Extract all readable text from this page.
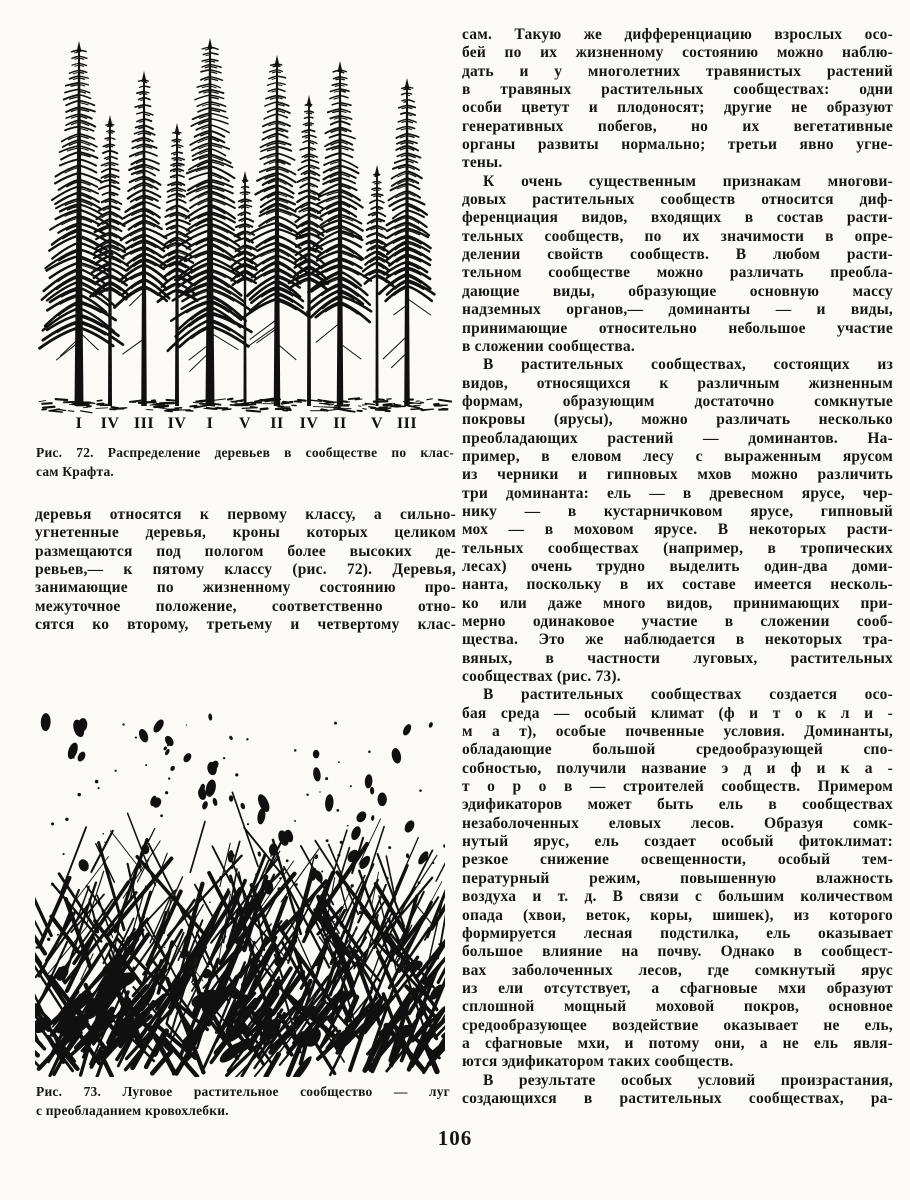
I IV III IV I V II IV II V III
Рис. 72. Распределение деревьев в сообществе по клас-
сам Крафта.
деревья относятся к первому классу, а сильно-
угнетенные деревья, кроны которых целиком
размещаются под пологом более высоких де-
ревьев,— к пятому классу (рис. 72). Деревья,
занимающие по жизненному состоянию про-
межуточное положение, соответственно отно-
сятся ко второму, третьему и четвертому клас-
Рис. 73. Луговое растительное сообщество — луг
с преобладанием кровохлебки.
сам. Такую же дифференциацию взрослых осо-
бей по их жизненному состоянию можно наблю-
дать и у многолетних травянистых растений
в травяных растительных сообществах: одни
особи цветут и плодоносят; другие не образуют
генеративных побегов, но их вегетативные
органы развиты нормально; третьи явно угне-
тены.
К очень существенным признакам многови-
довых растительных сообществ относится диф-
ференциация видов, входящих в состав расти-
тельных сообществ, по их значимости в опре-
делении свойств сообществ. В любом расти-
тельном сообществе можно различать преобла-
дающие виды, образующие основную массу
надземных органов,— доминанты — и виды,
принимающие относительно небольшое участие
в сложении сообщества.
В растительных сообществах, состоящих из
видов, относящихся к различным жизненным
формам, образующим достаточно сомкнутые
покровы (ярусы), можно различать несколько
преобладающих растений — доминантов. На-
пример, в еловом лесу с выраженным ярусом
из черники и гипновых мхов можно различить
три доминанта: ель — в древесном ярусе, чер-
нику — в кустарничковом ярусе, гипновый
мох — в моховом ярусе. В некоторых расти-
тельных сообществах (например, в тропических
лесах) очень трудно выделить один-два доми-
нанта, поскольку в их составе имеется несколь-
ко или даже много видов, принимающих при-
мерно одинаковое участие в сложении сооб-
щества. Это же наблюдается в некоторых тра-
вяных, в частности луговых, растительных
сообществах (рис. 73).
В растительных сообществах создается осо-
бая среда — особый климат (ф и т о к л и -
м а т), особые почвенные условия. Доминанты,
обладающие большой средообразующей спо-
собностью, получили название э д и ф и к а -
т о р о в — строителей сообществ. Примером
эдификаторов может быть ель в сообществах
незаболоченных еловых лесов. Образуя сомк-
нутый ярус, ель создает особый фитоклимат:
резкое снижение освещенности, особый тем-
пературный режим, повышенную влажность
воздуха и т. д. В связи с большим количеством
опада (хвои, веток, коры, шишек), из которого
формируется лесная подстилка, ель оказывает
большое влияние на почву. Однако в сообщест-
вах заболоченных лесов, где сомкнутый ярус
из ели отсутствует, а сфагновые мхи образуют
сплошной мощный моховой покров, основное
средообразующее воздействие оказывает не ель,
а сфагновые мхи, и потому они, а не ель явля-
ются эдификатором таких сообществ.
В результате особых условий произрастания,
создающихся в растительных сообществах, ра-
106
